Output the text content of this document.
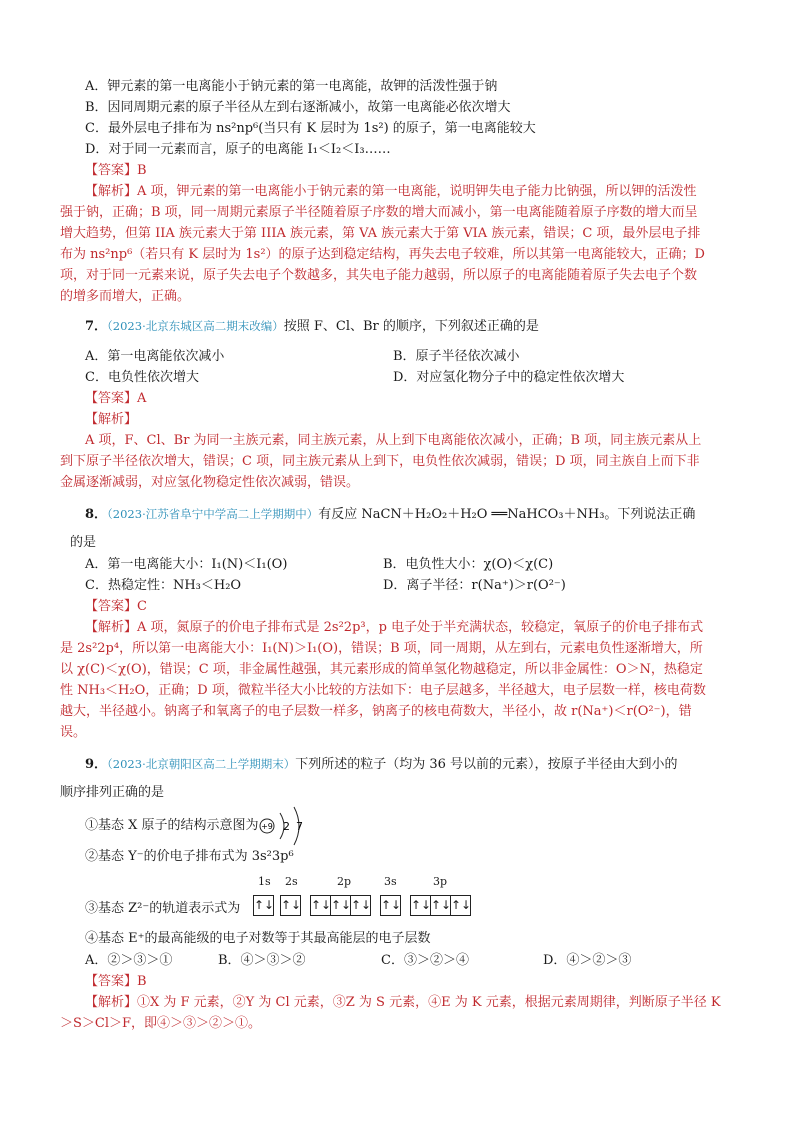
A．钾元素的第一电离能小于钠元素的第一电离能，故钾的活泼性强于钠
B．因同周期元素的原子半径从左到右逐渐减小，故第一电离能必依次增大
C．最外层电子排布为 ns²np⁶(当只有 K 层时为 1s²) 的原子，第一电离能较大
D．对于同一元素而言，原子的电离能 I₁＜I₂＜I₃……
【答案】B
【解析】A 项，钾元素的第一电离能小于钠元素的第一电离能，说明钾失电子能力比钠强，所以钾的活泼性
强于钠，正确；B 项，同一周期元素原子半径随着原子序数的增大而减小，第一电离能随着原子序数的增大而呈
增大趋势，但第 IIA 族元素大于第 IIIA 族元素，第 VA 族元素大于第 VIA 族元素，错误；C 项，最外层电子排
布为 ns²np⁶（若只有 K 层时为 1s²）的原子达到稳定结构，再失去电子较难，所以其第一电离能较大，正确；D
项，对于同一元素来说，原子失去电子个数越多，其失电子能力越弱，所以原子的电离能随着原子失去电子个数
的增多而增大，正确。
7．（2023·北京东城区高二期末改编）按照 F、Cl、Br 的顺序，下列叙述正确的是
A．第一电离能依次减小	B．原子半径依次减小
C．电负性依次增大	D．对应氢化物分子中的稳定性依次增大
【答案】A
【解析】
A 项，F、Cl、Br 为同一主族元素，同主族元素，从上到下电离能依次减小，正确；B 项，同主族元素从上
到下原子半径依次增大，错误；C 项，同主族元素从上到下，电负性依次减弱，错误；D 项，同主族自上而下非
金属逐渐减弱，对应氢化物稳定性依次减弱，错误。
8．（2023·江苏省阜宁中学高二上学期期中）有反应 NaCN＋H₂O₂＋H₂O ══NaHCO₃＋NH₃。下列说法正确
的是
A．第一电离能大小：I₁(N)＜I₁(O)	B．电负性大小：χ(O)＜χ(C)
C．热稳定性：NH₃＜H₂O	D．离子半径：r(Na⁺)＞r(O²⁻)
【答案】C
【解析】A 项，氮原子的价电子排布式是 2s²2p³，p 电子处于半充满状态，较稳定，氧原子的价电子排布式
是 2s²2p⁴，所以第一电离能大小：I₁(N)＞I₁(O)，错误；B 项，同一周期，从左到右，元素电负性逐渐增大，所
以 χ(C)＜χ(O)，错误；C 项，非金属性越强，其元素形成的简单氢化物越稳定，所以非金属性：O＞N，热稳定
性 NH₃＜H₂O，正确；D 项，微粒半径大小比较的方法如下：电子层越多，半径越大，电子层数一样，核电荷数
越大，半径越小。钠离子和氧离子的电子层数一样多，钠离子的核电荷数大，半径小，故 r(Na⁺)＜r(O²⁻)，错
误。
9．（2023·北京朝阳区高二上学期期末）下列所述的粒子（均为 36 号以前的元素），按原子半径由大到小的
顺序排列正确的是
①基态 X 原子的结构示意图为 +9 2 7
②基态 Y⁻的价电子排布式为 3s²3p⁶
1s 2s	2p	3s	3p
③基态 Z²⁻的轨道表示式为 ↑↓ ↑↓ ↑↓ ↑↓ ↑↓ ↑↓ ↑↓ ↑↓ ↑↓
④基态 E⁺的最高能级的电子对数等于其最高能层的电子层数
A．②＞③＞①	B．④＞③＞②	C．③＞②＞④	D．④＞②＞③
【答案】B
【解析】①X 为 F 元素，②Y 为 Cl 元素，③Z 为 S 元素，④E 为 K 元素，根据元素周期律，判断原子半径 K
＞S＞Cl＞F，即④＞③＞②＞①。
